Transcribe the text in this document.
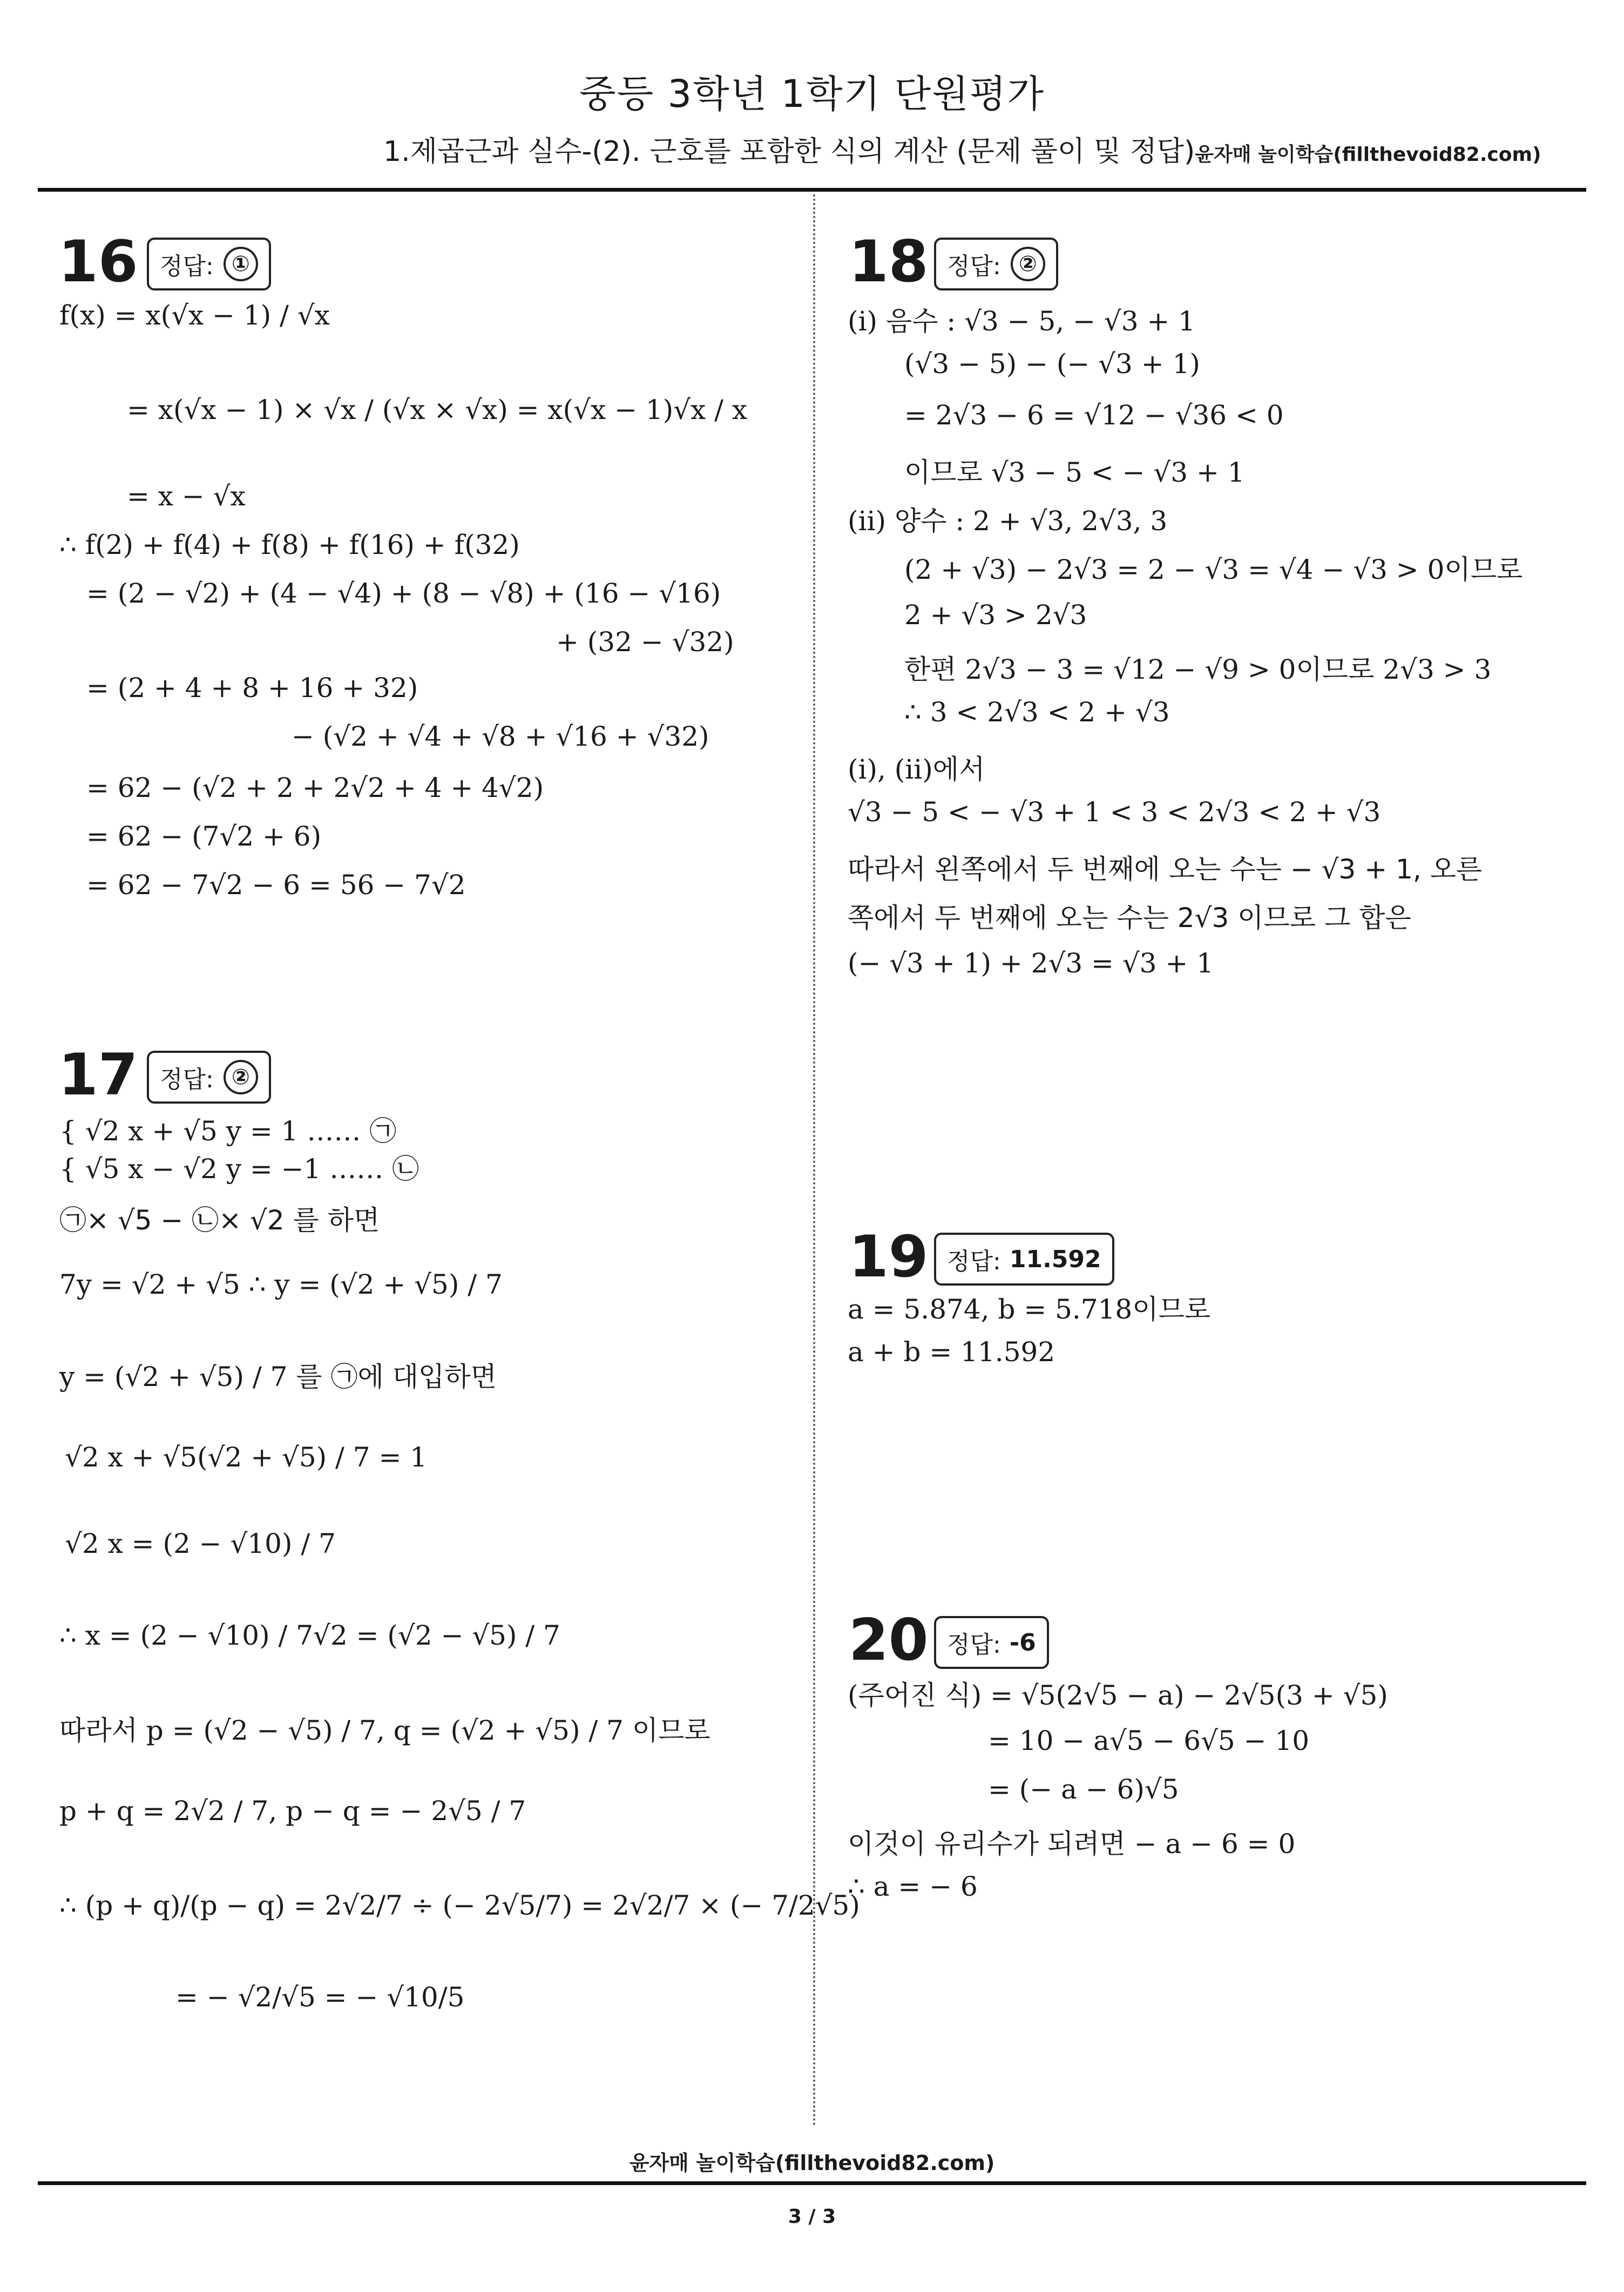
중등 3학년 1학기 단원평가
1.제곱근과 실수-(2). 근호를 포함한 식의 계산 (문제 풀이 및 정답)윤자매 놀이학습(fillthevoid82.com)
16 정답: ①
f(x) = x(√x − 1) / √x
= x(√x − 1) × √x / (√x × √x) = x(√x − 1)√x / x
= x − √x
∴ f(2) + f(4) + f(8) + f(16) + f(32)
= (2 − √2) + (4 − √4) + (8 − √8) + (16 − √16)
+ (32 − √32)
= (2 + 4 + 8 + 16 + 32)
− (√2 + √4 + √8 + √16 + √32)
= 62 − (√2 + 2 + 2√2 + 4 + 4√2)
= 62 − (7√2 + 6)
= 62 − 7√2 − 6 = 56 − 7√2
17 정답: ②
{ √2 x + √5 y = 1 …… ㉠
{ √5 x − √2 y = −1 …… ㉡
㉠× √5 − ㉡× √2 를 하면
7y = √2 + √5 ∴ y = (√2 + √5) / 7
y = (√2 + √5) / 7 를 ㉠에 대입하면
√2 x + √5(√2 + √5) / 7 = 1
√2 x = (2 − √10) / 7
∴ x = (2 − √10) / 7√2 = (√2 − √5) / 7
따라서 p = (√2 − √5) / 7, q = (√2 + √5) / 7 이므로
p + q = 2√2 / 7, p − q = − 2√5 / 7
∴ (p + q)/(p − q) = 2√2/7 ÷ (− 2√5/7) = 2√2/7 × (− 7/2√5)
= − √2/√5 = − √10/5
18 정답: ②
(ⅰ) 음수 : √3 − 5, − √3 + 1
(√3 − 5) − (− √3 + 1)
= 2√3 − 6 = √12 − √36 < 0
이므로 √3 − 5 < − √3 + 1
(ⅱ) 양수 : 2 + √3, 2√3, 3
(2 + √3) − 2√3 = 2 − √3 = √4 − √3 > 0이므로
2 + √3 > 2√3
한편 2√3 − 3 = √12 − √9 > 0이므로 2√3 > 3
∴ 3 < 2√3 < 2 + √3
(ⅰ), (ⅱ)에서
√3 − 5 < − √3 + 1 < 3 < 2√3 < 2 + √3
따라서 왼쪽에서 두 번째에 오는 수는 − √3 + 1, 오른
쪽에서 두 번째에 오는 수는 2√3 이므로 그 합은
(− √3 + 1) + 2√3 = √3 + 1
19 정답: 11.592
a = 5.874, b = 5.718이므로
a + b = 11.592
20 정답: -6
(주어진 식) = √5(2√5 − a) − 2√5(3 + √5)
= 10 − a√5 − 6√5 − 10
= (− a − 6)√5
이것이 유리수가 되려면 − a − 6 = 0
∴ a = − 6
윤자매 놀이학습(fillthevoid82.com)
3 / 3
